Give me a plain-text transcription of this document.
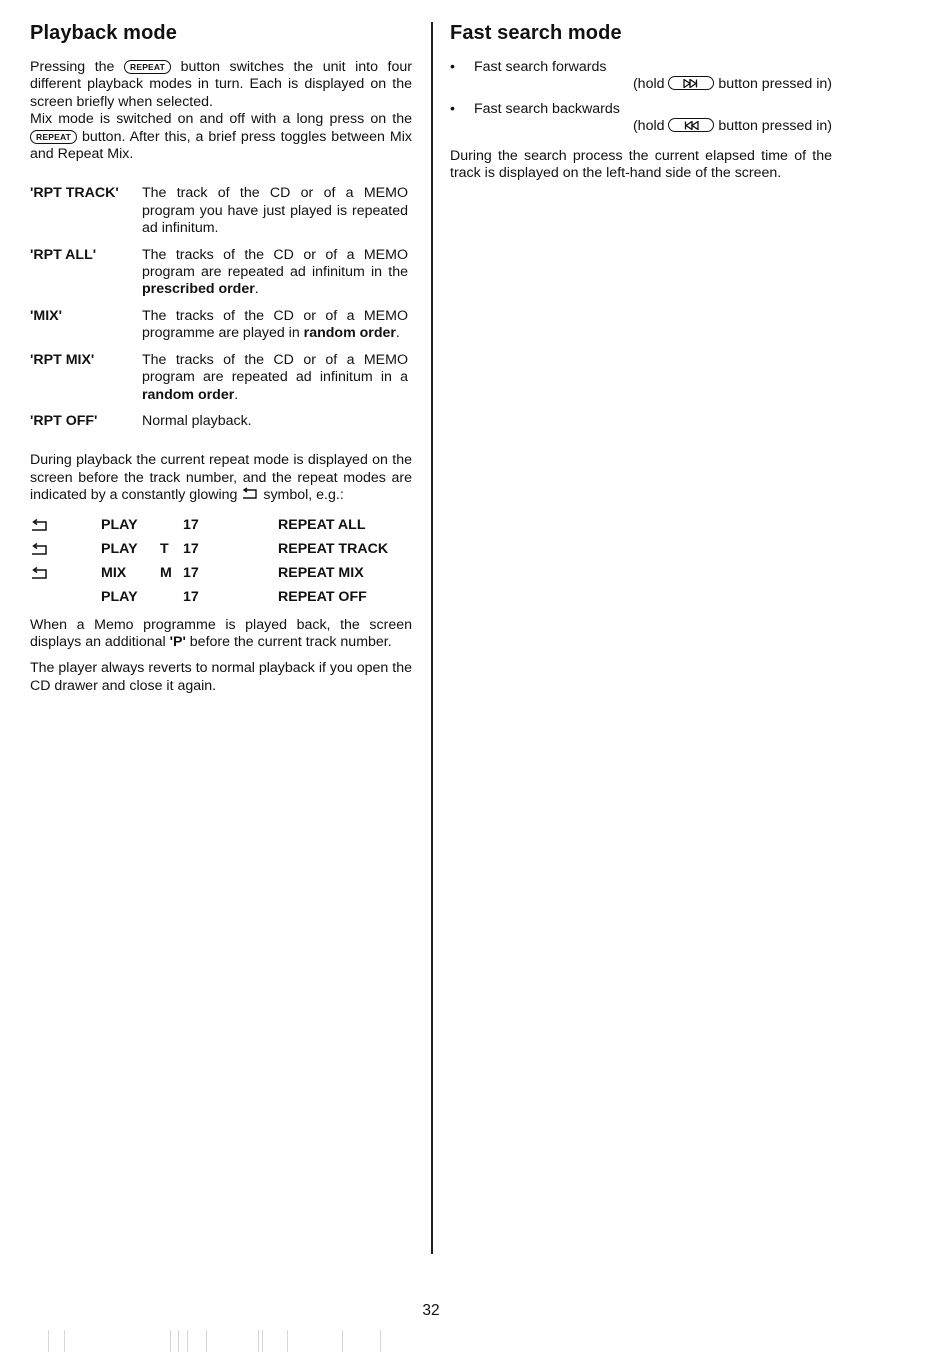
Playback mode

Pressing the REPEAT button switches the unit into four different playback modes in turn. Each is displayed on the screen briefly when selected.
Mix mode is switched on and off with a long press on the REPEAT button. After this, a brief press toggles between Mix and Repeat Mix.

'RPT TRACK'	The track of the CD or of a MEMO program you have just played is repeated ad infinitum.
'RPT ALL'	The tracks of the CD or of a MEMO program are repeated ad infinitum in the prescribed order.
'MIX'	The tracks of the CD or of a MEMO programme are played in random order.
'RPT MIX'	The tracks of the CD or of a MEMO program are repeated ad infinitum in a random order.
'RPT OFF'	Normal playback.

During playback the current repeat mode is displayed on the screen before the track number, and the repeat modes are indicated by a constantly glowing symbol, e.g.:

PLAY	17	REPEAT ALL
PLAY T 17	REPEAT TRACK
MIX M 17	REPEAT MIX
PLAY	17	REPEAT OFF

When a Memo programme is played back, the screen displays an additional 'P' before the current track number.

The player always reverts to normal playback if you open the CD drawer and close it again.

Fast search mode
• Fast search forwards
(hold	button pressed in)
• Fast search backwards
(hold	button pressed in)

During the search process the current elapsed time of the track is displayed on the left-hand side of the screen.

32
